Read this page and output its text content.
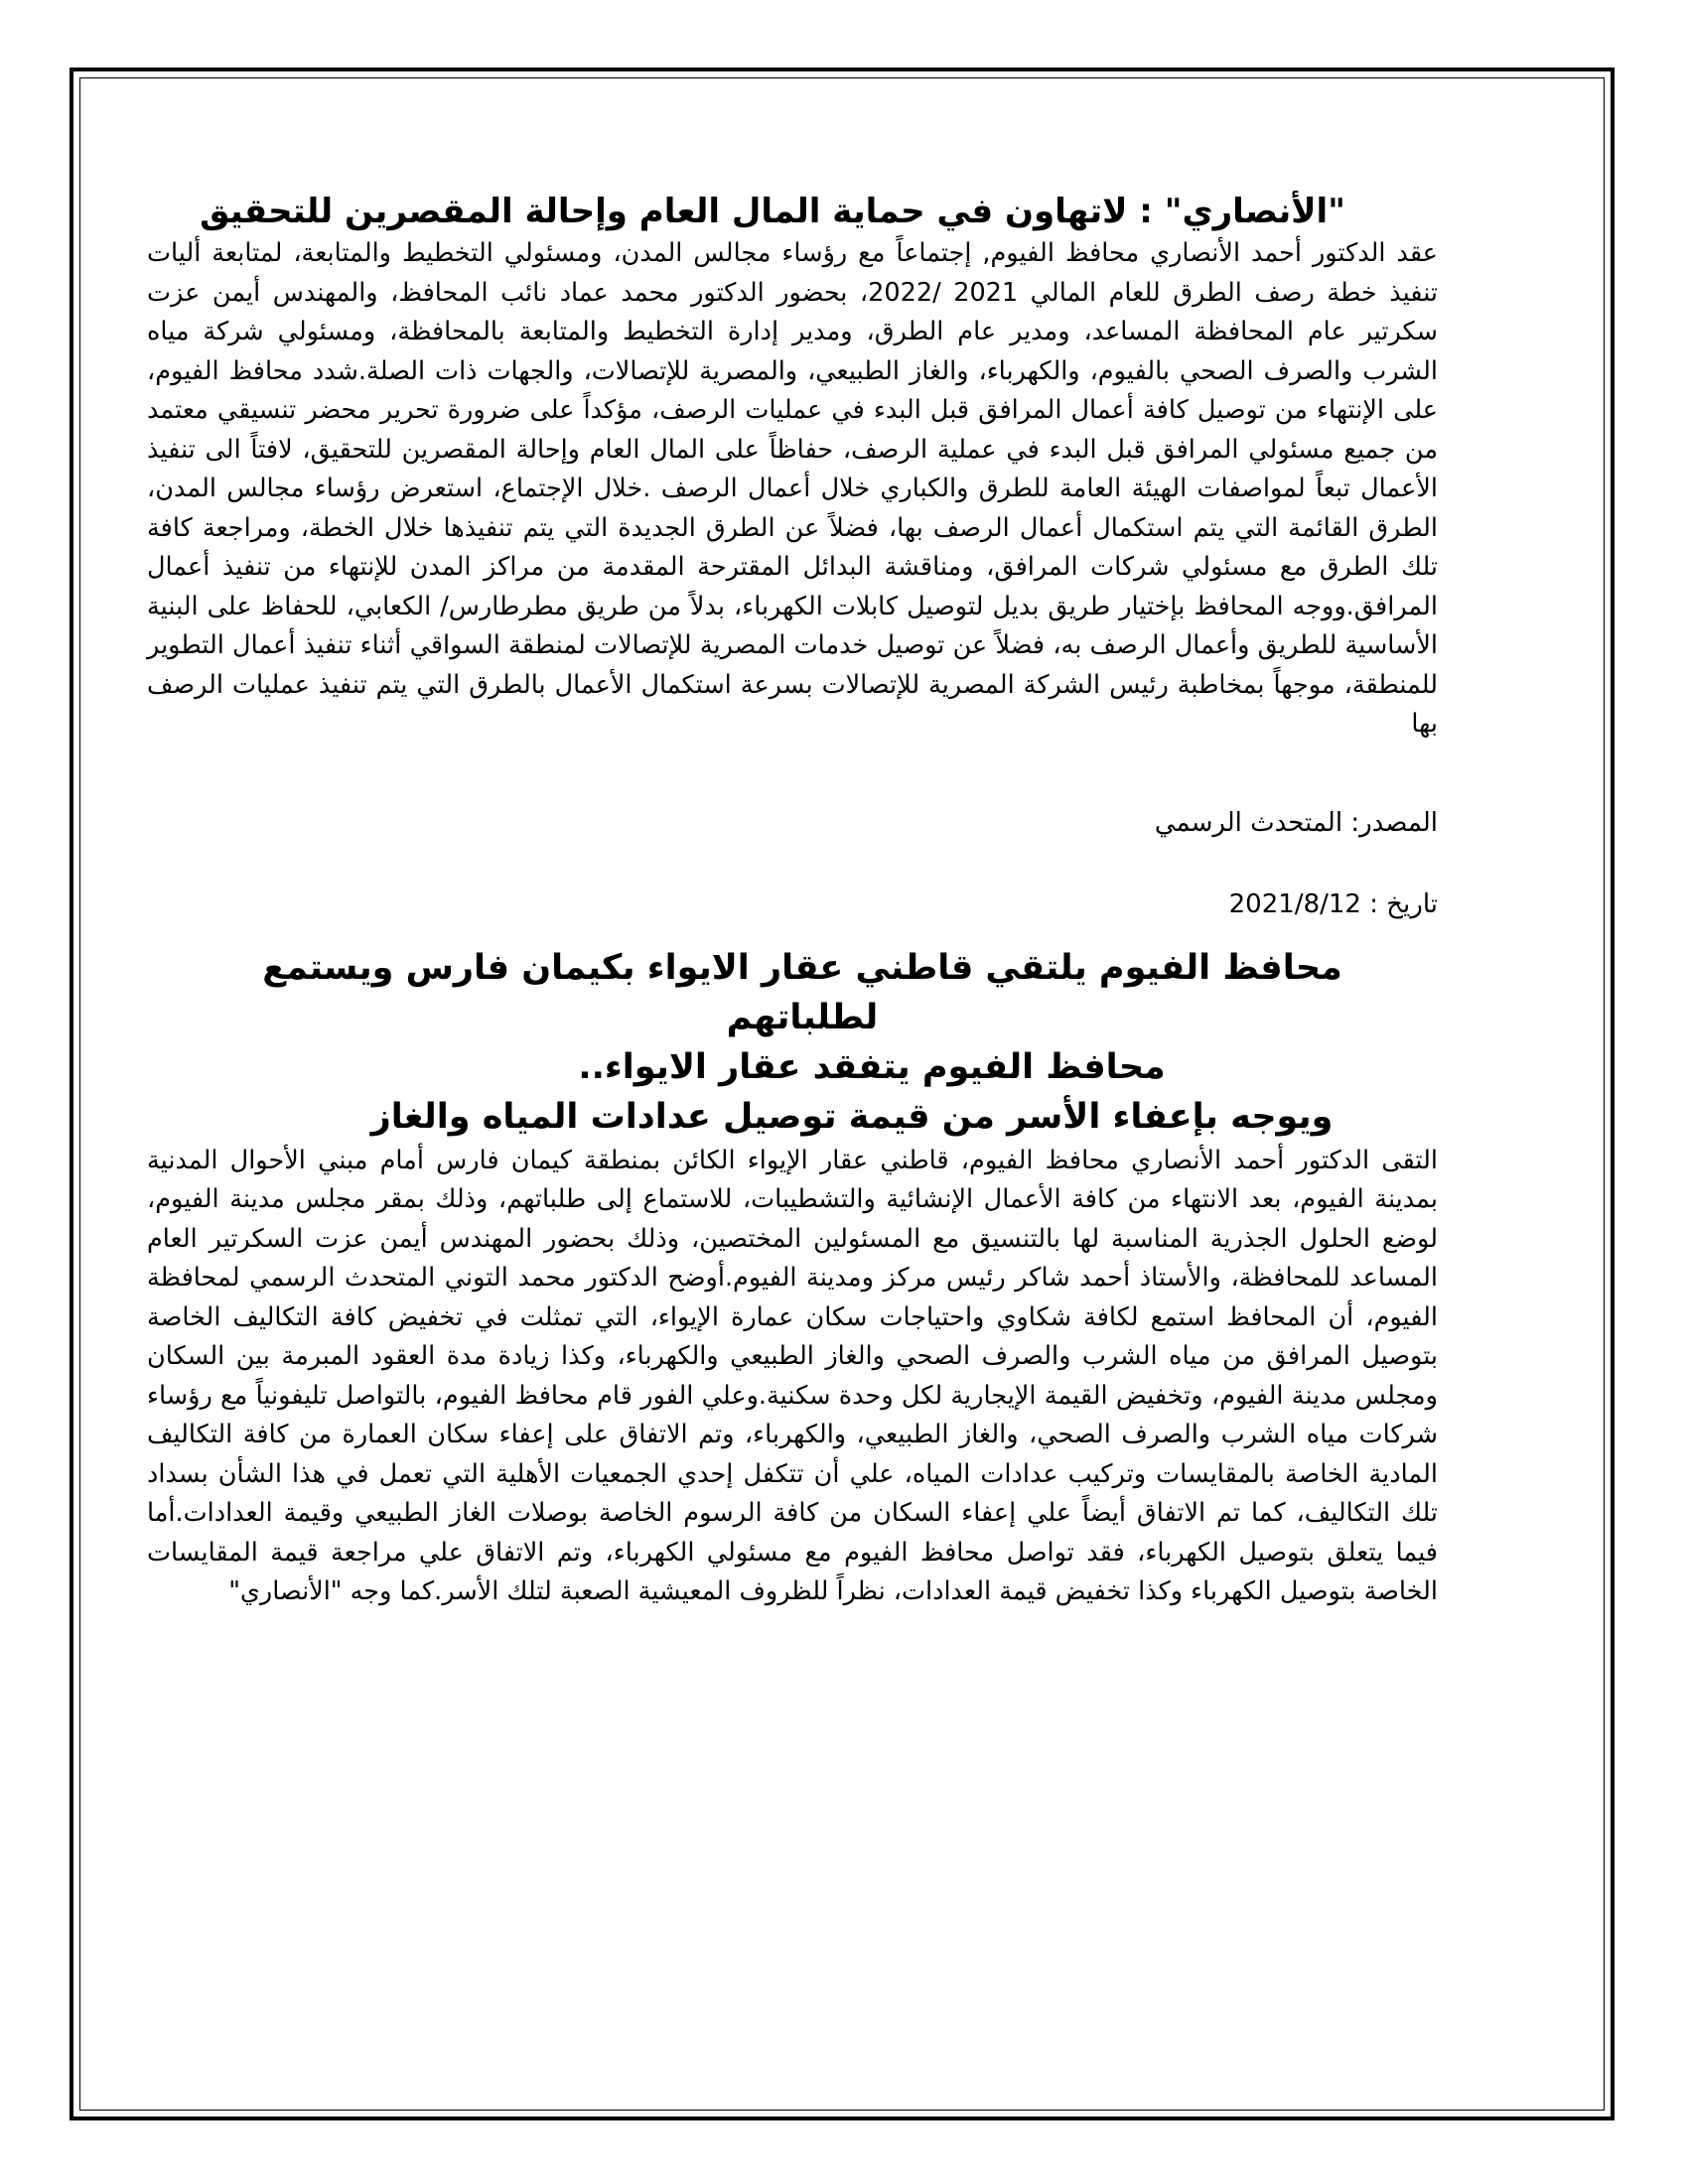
"الأنصاري" : لاتهاون في حماية المال العام وإحالة المقصرين للتحقيق

عقد الدكتور أحمد الأنصاري محافظ الفيوم, إجتماعاً مع رؤساء مجالس المدن، ومسئولي التخطيط والمتابعة، لمتابعة أليات تنفيذ خطة رصف الطرق للعام المالي 2021 /2022، بحضور الدكتور محمد عماد نائب المحافظ، والمهندس أيمن عزت سكرتير عام المحافظة المساعد، ومدير عام الطرق، ومدير إدارة التخطيط والمتابعة بالمحافظة، ومسئولي شركة مياه الشرب والصرف الصحي بالفيوم، والكهرباء، والغاز الطبيعي، والمصرية للإتصالات، والجهات ذات الصلة.شدد محافظ الفيوم، على الإنتهاء من توصيل كافة أعمال المرافق قبل البدء في عمليات الرصف، مؤكداً على ضرورة تحرير محضر تنسيقي معتمد من جميع مسئولي المرافق قبل البدء في عملية الرصف، حفاظاً على المال العام وإحالة المقصرين للتحقيق، لافتاً الى تنفيذ الأعمال تبعاً لمواصفات الهيئة العامة للطرق والكباري خلال أعمال الرصف .خلال الإجتماع، استعرض رؤساء مجالس المدن، الطرق القائمة التي يتم استكمال أعمال الرصف بها، فضلاً عن الطرق الجديدة التي يتم تنفيذها خلال الخطة، ومراجعة كافة تلك الطرق مع مسئولي شركات المرافق، ومناقشة البدائل المقترحة المقدمة من مراكز المدن للإنتهاء من تنفيذ أعمال المرافق.ووجه المحافظ بإختيار طريق بديل لتوصيل كابلات الكهرباء، بدلاً من طريق مطرطارس/ الكعابي، للحفاظ على البنية الأساسية للطريق وأعمال الرصف به، فضلاً عن توصيل خدمات المصرية للإتصالات لمنطقة السواقي أثناء تنفيذ أعمال التطوير للمنطقة، موجهاً بمخاطبة رئيس الشركة المصرية للإتصالات بسرعة استكمال الأعمال بالطرق التي يتم تنفيذ عمليات الرصف بها

المصدر: المتحدث الرسمي

تاريخ : 2021/8/12

محافظ الفيوم يلتقي قاطني عقار الايواء بكيمان فارس ويستمع لطلباتهم
محافظ الفيوم يتفقد عقار الايواء..
ويوجه بإعفاء الأسر من قيمة توصيل عدادات المياه والغاز

التقى الدكتور أحمد الأنصاري محافظ الفيوم، قاطني عقار الإيواء الكائن بمنطقة كيمان فارس أمام مبني الأحوال المدنية بمدينة الفيوم، بعد الانتهاء من كافة الأعمال الإنشائية والتشطيبات، للاستماع إلى طلباتهم، وذلك بمقر مجلس مدينة الفيوم، لوضع الحلول الجذرية المناسبة لها بالتنسيق مع المسئولين المختصين، وذلك بحضور المهندس أيمن عزت السكرتير العام المساعد للمحافظة، والأستاذ أحمد شاكر رئيس مركز ومدينة الفيوم.أوضح الدكتور محمد التوني المتحدث الرسمي لمحافظة الفيوم، أن المحافظ استمع لكافة شكاوي واحتياجات سكان عمارة الإيواء، التي تمثلت في تخفيض كافة التكاليف الخاصة بتوصيل المرافق من مياه الشرب والصرف الصحي والغاز الطبيعي والكهرباء، وكذا زيادة مدة العقود المبرمة بين السكان ومجلس مدينة الفيوم، وتخفيض القيمة الإيجارية لكل وحدة سكنية.وعلي الفور قام محافظ الفيوم، بالتواصل تليفونياً مع رؤساء شركات مياه الشرب والصرف الصحي، والغاز الطبيعي، والكهرباء، وتم الاتفاق على إعفاء سكان العمارة من كافة التكاليف المادية الخاصة بالمقايسات وتركيب عدادات المياه، علي أن تتكفل إحدي الجمعيات الأهلية التي تعمل في هذا الشأن بسداد تلك التكاليف، كما تم الاتفاق أيضاً علي إعفاء السكان من كافة الرسوم الخاصة بوصلات الغاز الطبيعي وقيمة العدادات.أما فيما يتعلق بتوصيل الكهرباء، فقد تواصل محافظ الفيوم مع مسئولي الكهرباء، وتم الاتفاق علي مراجعة قيمة المقايسات الخاصة بتوصيل الكهرباء وكذا تخفيض قيمة العدادات، نظراً للظروف المعيشية الصعبة لتلك الأسر.كما وجه "الأنصاري"
